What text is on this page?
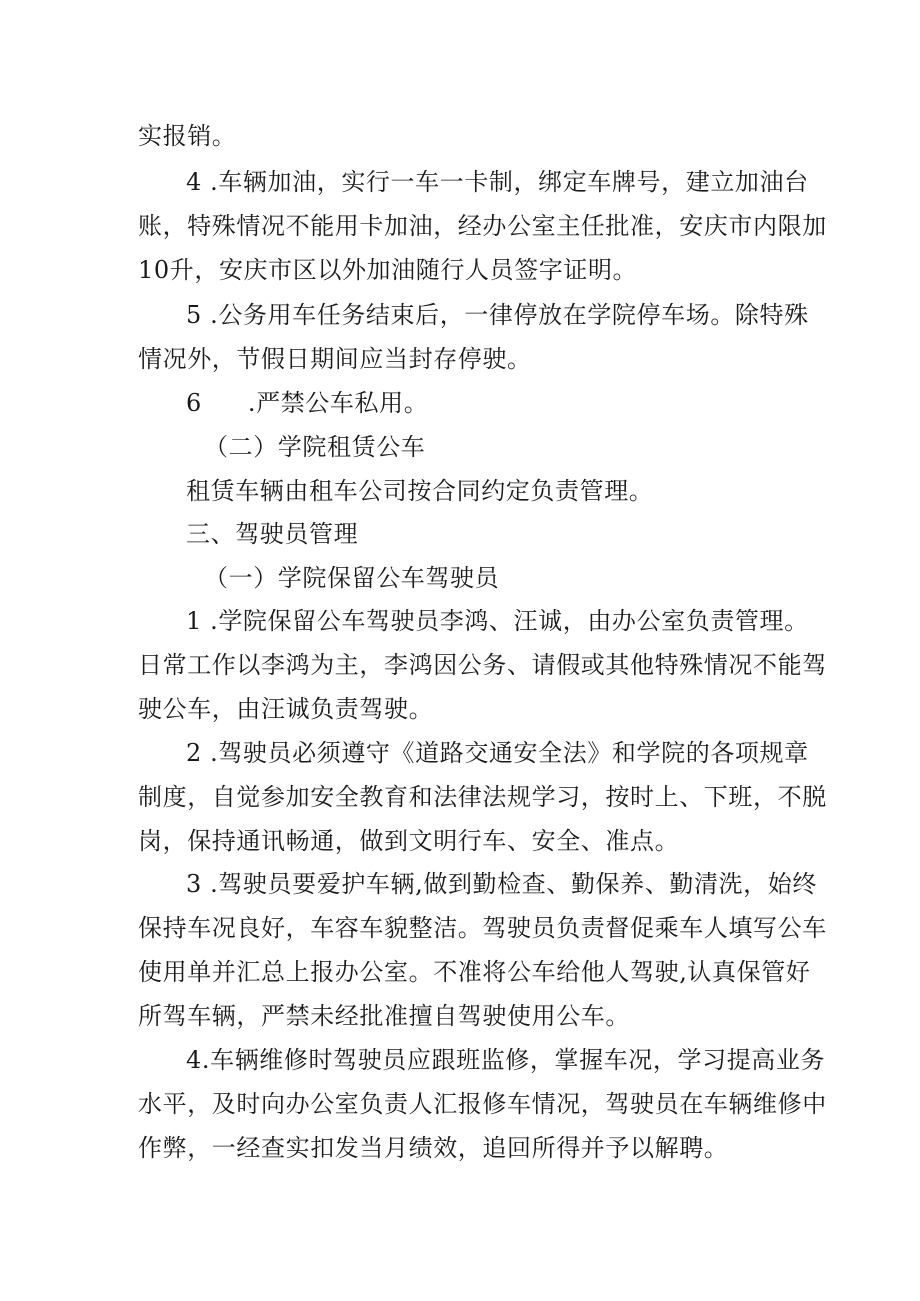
实报销。
4 .车辆加油，实行一车一卡制，绑定车牌号，建立加油台
账，特殊情况不能用卡加油，经办公室主任批准，安庆市内限加
10升，安庆市区以外加油随行人员签字证明。
5 .公务用车任务结束后，一律停放在学院停车场。除特殊
情况外，节假日期间应当封存停驶。
6 .严禁公车私用。
（二）学院租赁公车
租赁车辆由租车公司按合同约定负责管理。
三、驾驶员管理
（一）学院保留公车驾驶员
1 .学院保留公车驾驶员李鸿、汪诚，由办公室负责管理。
日常工作以李鸿为主，李鸿因公务、请假或其他特殊情况不能驾
驶公车，由汪诚负责驾驶。
2 .驾驶员必须遵守《道路交通安全法》和学院的各项规章
制度，自觉参加安全教育和法律法规学习，按时上、下班，不脱
岗，保持通讯畅通，做到文明行车、安全、准点。
3 .驾驶员要爱护车辆,做到勤检查、勤保养、勤清洗，始终
保持车况良好，车容车貌整洁。驾驶员负责督促乘车人填写公车
使用单并汇总上报办公室。不准将公车给他人驾驶,认真保管好
所驾车辆，严禁未经批准擅自驾驶使用公车。
4.车辆维修时驾驶员应跟班监修，掌握车况，学习提高业务
水平，及时向办公室负责人汇报修车情况，驾驶员在车辆维修中
作弊，一经查实扣发当月绩效，追回所得并予以解聘。
